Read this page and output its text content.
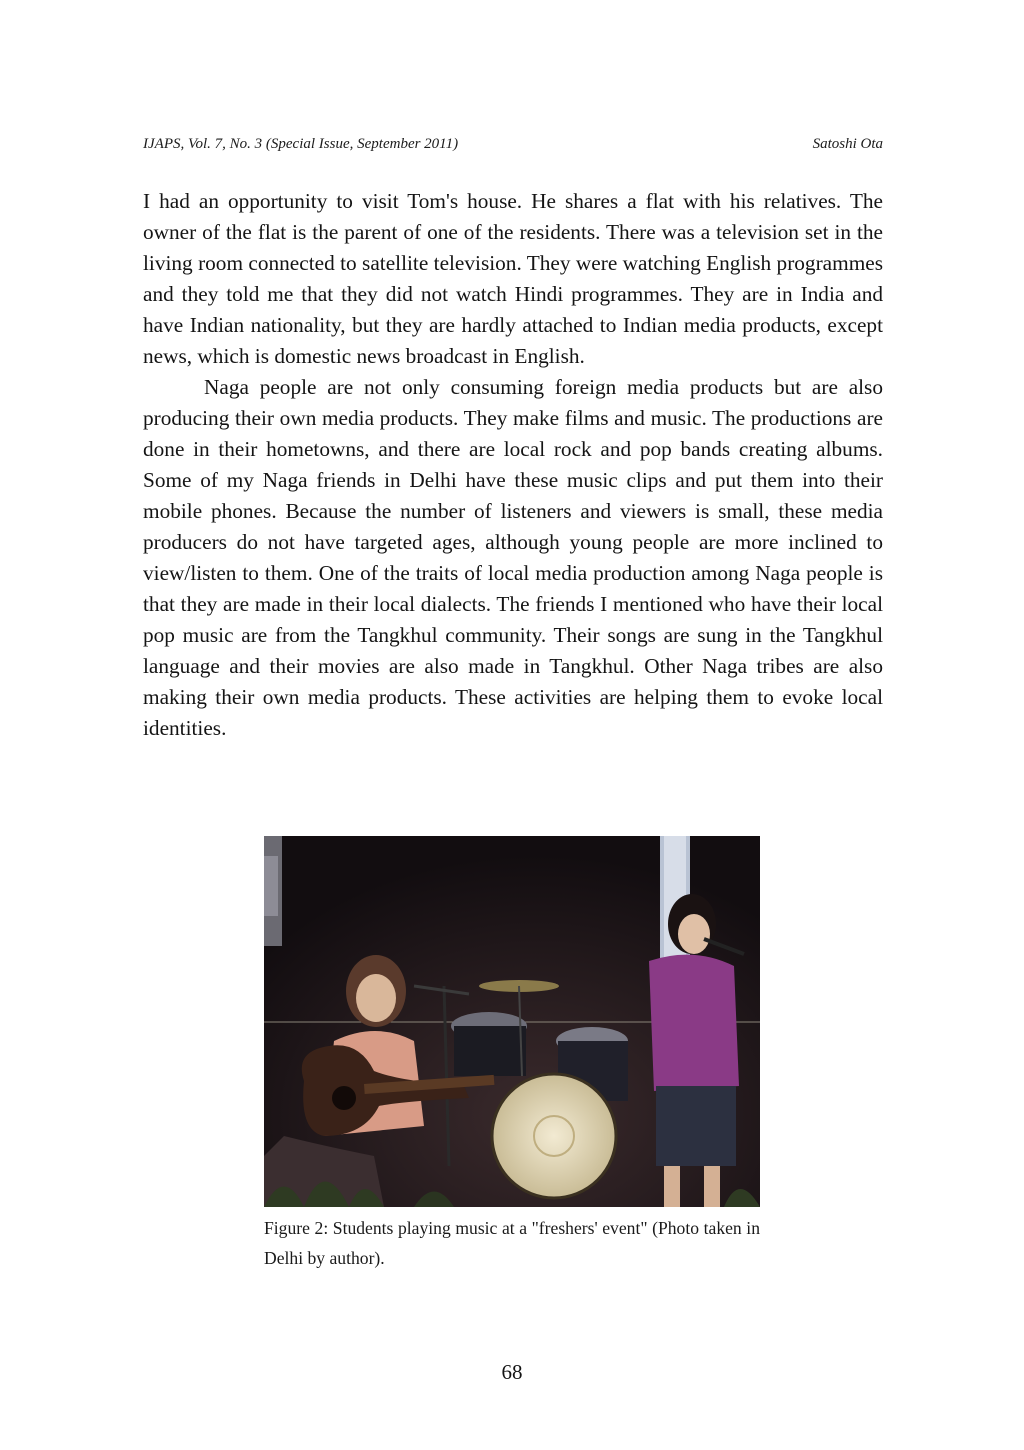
IJAPS, Vol. 7, No. 3 (Special Issue, September 2011)	Satoshi Ota

I had an opportunity to visit Tom's house. He shares a flat with his relatives. The owner of the flat is the parent of one of the residents. There was a television set in the living room connected to satellite television. They were watching English programmes and they told me that they did not watch Hindi programmes. They are in India and have Indian nationality, but they are hardly attached to Indian media products, except news, which is domestic news broadcast in English.

Naga people are not only consuming foreign media products but are also producing their own media products. They make films and music. The productions are done in their hometowns, and there are local rock and pop bands creating albums. Some of my Naga friends in Delhi have these music clips and put them into their mobile phones. Because the number of listeners and viewers is small, these media producers do not have targeted ages, although young people are more inclined to view/listen to them. One of the traits of local media production among Naga people is that they are made in their local dialects. The friends I mentioned who have their local pop music are from the Tangkhul community. Their songs are sung in the Tangkhul language and their movies are also made in Tangkhul. Other Naga tribes are also making their own media products. These activities are helping them to evoke local identities.

Figure 2: Students playing music at a "freshers' event" (Photo taken in Delhi by author).
68
